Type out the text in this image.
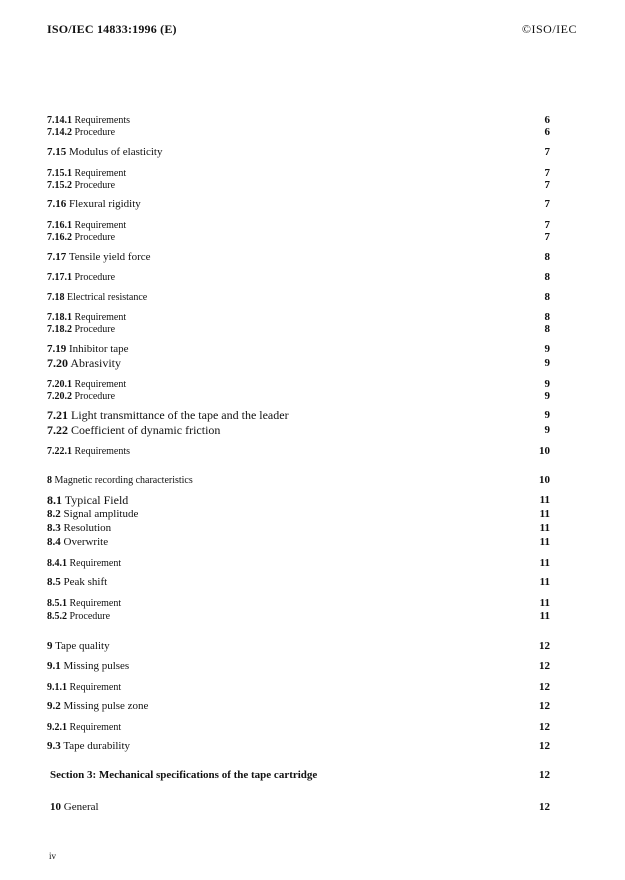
ISO/IEC 14833:1996 (E)	©ISO/IEC
7.14.1 Requirements	6
7.14.2 Procedure	6
7.15 Modulus of elasticity	7
7.15.1 Requirement	7
7.15.2 Procedure	7
7.16 Flexural rigidity	7
7.16.1 Requirement	7
7.16.2 Procedure	7
7.17 Tensile yield force	8
7.17.1 Procedure	8
7.18 Electrical resistance	8
7.18.1 Requirement	8
7.18.2 Procedure	8
7.19 Inhibitor tape	9
7.20 Abrasivity	9
7.20.1 Requirement	9
7.20.2 Procedure	9
7.21 Light transmittance of the tape and the leader	9
7.22 Coefficient of dynamic friction	9
7.22.1 Requirements	10
8 Magnetic recording characteristics	10
8.1 Typical Field	11
8.2 Signal amplitude	11
8.3 Resolution	11
8.4 Overwrite	11
8.4.1 Requirement	11
8.5 Peak shift	11
8.5.1 Requirement	11
8.5.2 Procedure	11
9 Tape quality	12
9.1 Missing pulses	12
9.1.1 Requirement	12
9.2 Missing pulse zone	12
9.2.1 Requirement	12
9.3 Tape durability	12
Section 3: Mechanical specifications of the tape cartridge	12
10 General	12
iv
